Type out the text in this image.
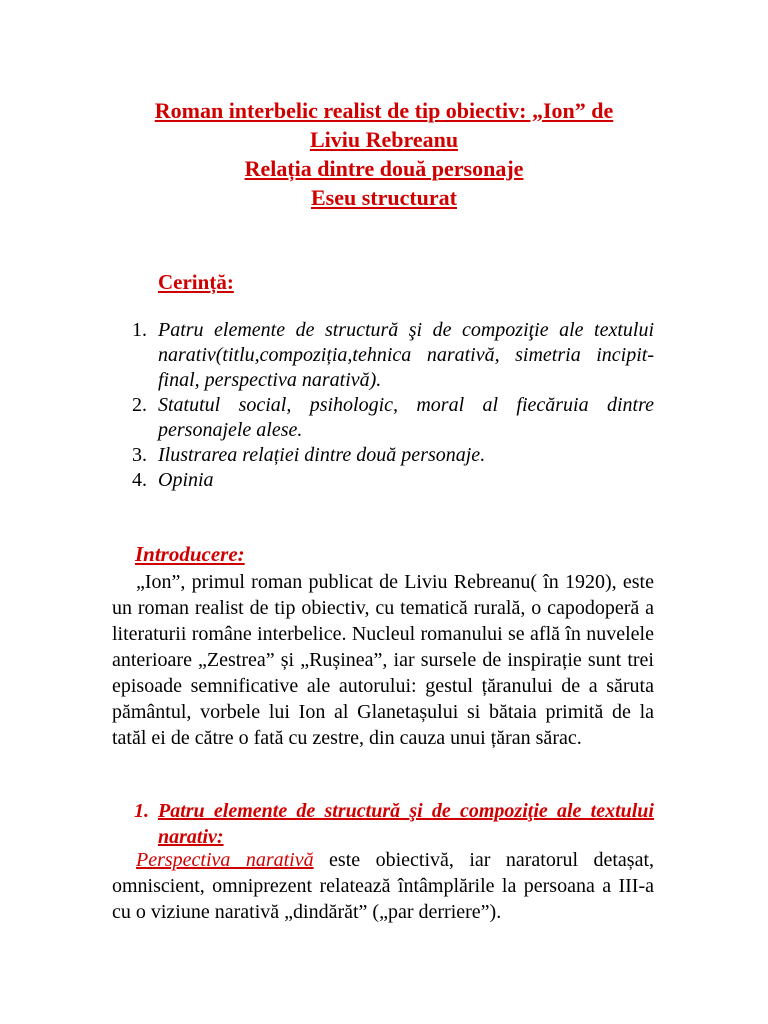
Roman interbelic realist de tip obiectiv: „Ion” de
Liviu Rebreanu
Relația dintre două personaje
Eseu structurat
Cerință:
1. Patru elemente de structură şi de compoziţie ale textului narativ(titlu,compoziția,tehnica narativă, simetria incipit-final, perspectiva narativă).
2. Statutul social, psihologic, moral al fiecăruia dintre personajele alese.
3. Ilustrarea relației dintre două personaje.
4. Opinia
Introducere:
„Ion”, primul roman publicat de Liviu Rebreanu( în 1920), este un roman realist de tip obiectiv, cu tematică rurală, o capodoperă a literaturii române interbelice. Nucleul romanului se află în nuvelele anterioare „Zestrea” și „Rușinea”, iar sursele de inspirație sunt trei episoade semnificative ale autorului: gestul țăranului de a săruta pământul, vorbele lui Ion al Glanetașului si bătaia primită de la tatăl ei de către o fată cu zestre, din cauza unui țăran sărac.
1. Patru elemente de structură şi de compoziţie ale textului narativ:
Perspectiva narativă este obiectivă, iar naratorul detașat, omniscient, omniprezent relatează întâmplările la persoana a III-a cu o viziune narativă „dindărăt” („par derriere”).
